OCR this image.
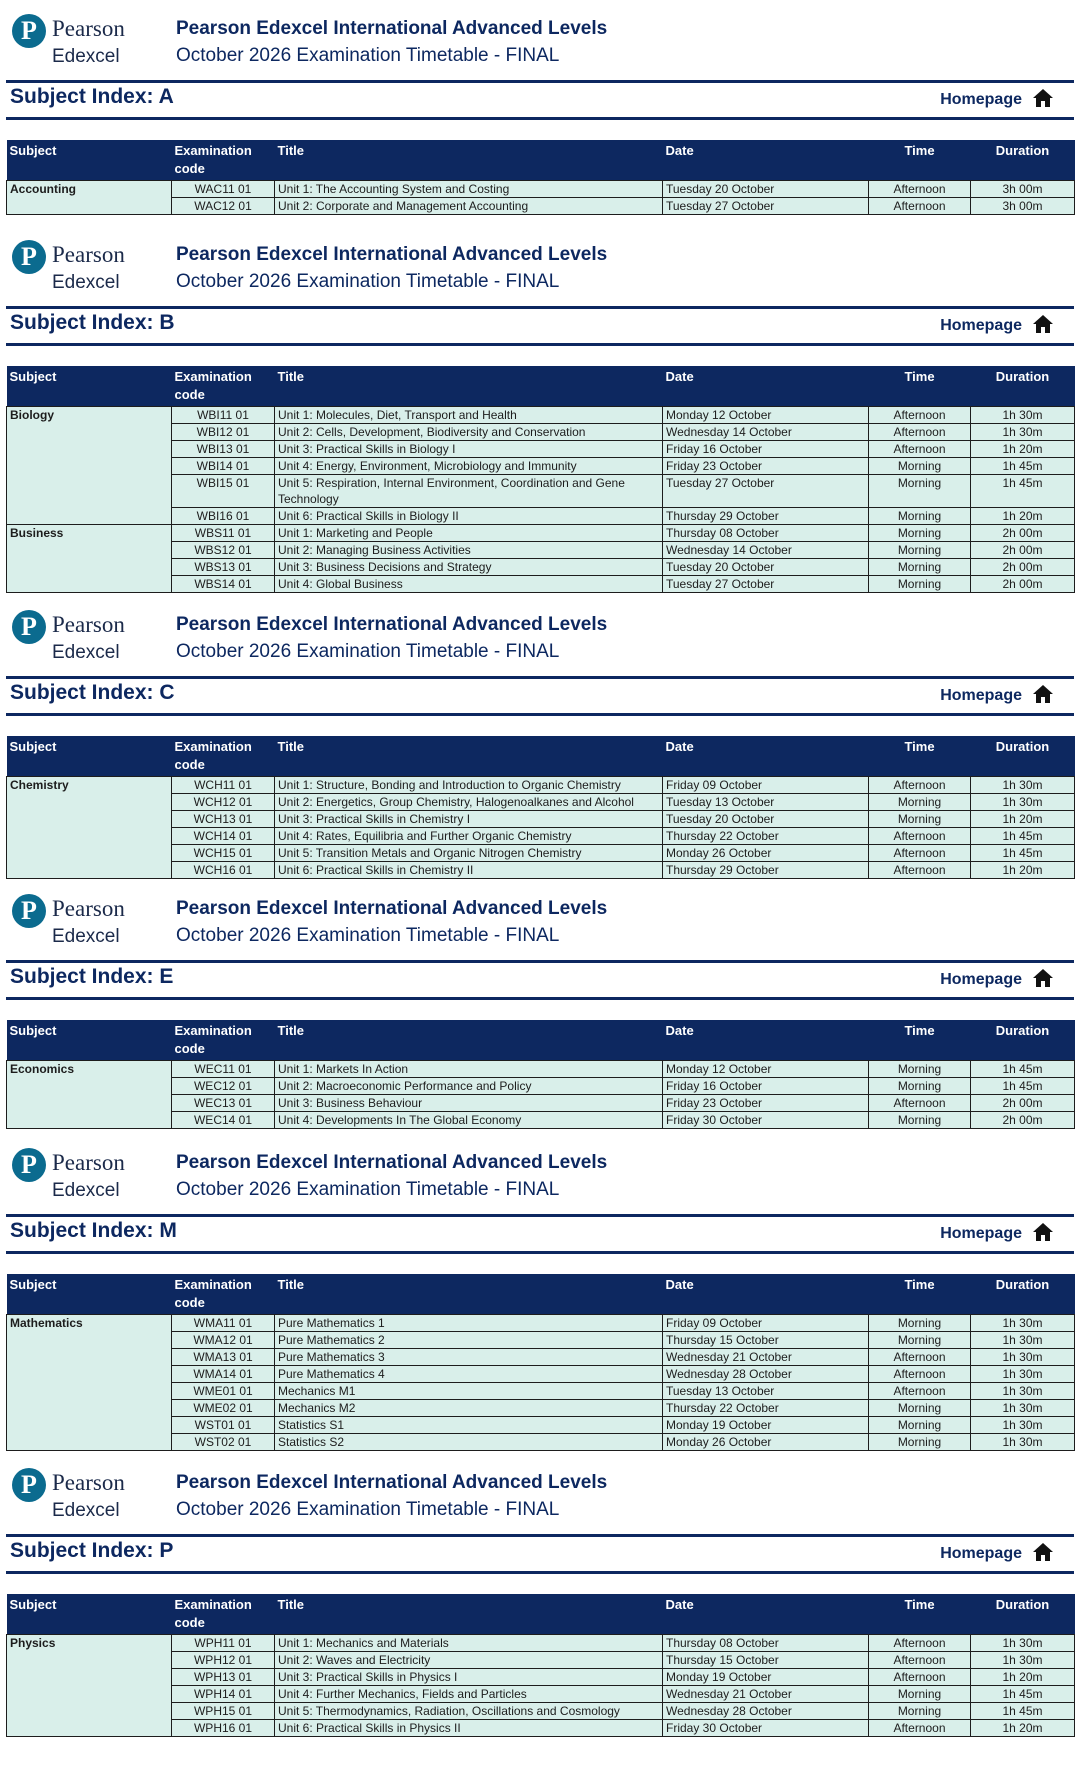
P Pearson
Edexcel
Pearson Edexcel International Advanced Levels
October 2026 Examination Timetable - FINAL
Subject Index: A	Homepage
Subject	Examination code	Title	Date	Time	Duration
Accounting	WAC11 01	Unit 1: The Accounting System and Costing	Tuesday 20 October	Afternoon	3h 00m
	WAC12 01	Unit 2: Corporate and Management Accounting	Tuesday 27 October	Afternoon	3h 00m
P Pearson
Edexcel
Pearson Edexcel International Advanced Levels
October 2026 Examination Timetable - FINAL
Subject Index: B	Homepage
Subject	Examination code	Title	Date	Time	Duration
Biology	WBI11 01	Unit 1: Molecules, Diet, Transport and Health	Monday 12 October	Afternoon	1h 30m
	WBI12 01	Unit 2: Cells, Development, Biodiversity and Conservation	Wednesday 14 October	Afternoon	1h 30m
	WBI13 01	Unit 3: Practical Skills in Biology I	Friday 16 October	Afternoon	1h 20m
	WBI14 01	Unit 4: Energy, Environment, Microbiology and Immunity	Friday 23 October	Morning	1h 45m
	WBI15 01	Unit 5: Respiration, Internal Environment, Coordination and Gene Technology	Tuesday 27 October	Morning	1h 45m
	WBI16 01	Unit 6: Practical Skills in Biology II	Thursday 29 October	Morning	1h 20m
Business	WBS11 01	Unit 1: Marketing and People	Thursday 08 October	Morning	2h 00m
	WBS12 01	Unit 2: Managing Business Activities	Wednesday 14 October	Morning	2h 00m
	WBS13 01	Unit 3: Business Decisions and Strategy	Tuesday 20 October	Morning	2h 00m
	WBS14 01	Unit 4: Global Business	Tuesday 27 October	Morning	2h 00m
P Pearson
Edexcel
Pearson Edexcel International Advanced Levels
October 2026 Examination Timetable - FINAL
Subject Index: C	Homepage
Subject	Examination code	Title	Date	Time	Duration
Chemistry	WCH11 01	Unit 1: Structure, Bonding and Introduction to Organic Chemistry	Friday 09 October	Afternoon	1h 30m
	WCH12 01	Unit 2: Energetics, Group Chemistry, Halogenoalkanes and Alcohol	Tuesday 13 October	Morning	1h 30m
	WCH13 01	Unit 3: Practical Skills in Chemistry I	Tuesday 20 October	Morning	1h 20m
	WCH14 01	Unit 4: Rates, Equilibria and Further Organic Chemistry	Thursday 22 October	Afternoon	1h 45m
	WCH15 01	Unit 5: Transition Metals and Organic Nitrogen Chemistry	Monday 26 October	Afternoon	1h 45m
	WCH16 01	Unit 6: Practical Skills in Chemistry II	Thursday 29 October	Afternoon	1h 20m
P Pearson
Edexcel
Pearson Edexcel International Advanced Levels
October 2026 Examination Timetable - FINAL
Subject Index: E	Homepage
Subject	Examination code	Title	Date	Time	Duration
Economics	WEC11 01	Unit 1: Markets In Action	Monday 12 October	Morning	1h 45m
	WEC12 01	Unit 2: Macroeconomic Performance and Policy	Friday 16 October	Morning	1h 45m
	WEC13 01	Unit 3: Business Behaviour	Friday 23 October	Afternoon	2h 00m
	WEC14 01	Unit 4: Developments In The Global Economy	Friday 30 October	Morning	2h 00m
P Pearson
Edexcel
Pearson Edexcel International Advanced Levels
October 2026 Examination Timetable - FINAL
Subject Index: M	Homepage
Subject	Examination code	Title	Date	Time	Duration
Mathematics	WMA11 01	Pure Mathematics 1	Friday 09 October	Morning	1h 30m
	WMA12 01	Pure Mathematics 2	Thursday 15 October	Morning	1h 30m
	WMA13 01	Pure Mathematics 3	Wednesday 21 October	Afternoon	1h 30m
	WMA14 01	Pure Mathematics 4	Wednesday 28 October	Afternoon	1h 30m
	WME01 01	Mechanics M1	Tuesday 13 October	Afternoon	1h 30m
	WME02 01	Mechanics M2	Thursday 22 October	Morning	1h 30m
	WST01 01	Statistics S1	Monday 19 October	Morning	1h 30m
	WST02 01	Statistics S2	Monday 26 October	Morning	1h 30m
P Pearson
Edexcel
Pearson Edexcel International Advanced Levels
October 2026 Examination Timetable - FINAL
Subject Index: P	Homepage
Subject	Examination code	Title	Date	Time	Duration
Physics	WPH11 01	Unit 1: Mechanics and Materials	Thursday 08 October	Afternoon	1h 30m
	WPH12 01	Unit 2: Waves and Electricity	Thursday 15 October	Afternoon	1h 30m
	WPH13 01	Unit 3: Practical Skills in Physics I	Monday 19 October	Afternoon	1h 20m
	WPH14 01	Unit 4: Further Mechanics, Fields and Particles	Wednesday 21 October	Morning	1h 45m
	WPH15 01	Unit 5: Thermodynamics, Radiation, Oscillations and Cosmology	Wednesday 28 October	Morning	1h 45m
	WPH16 01	Unit 6: Practical Skills in Physics II	Friday 30 October	Afternoon	1h 20m
